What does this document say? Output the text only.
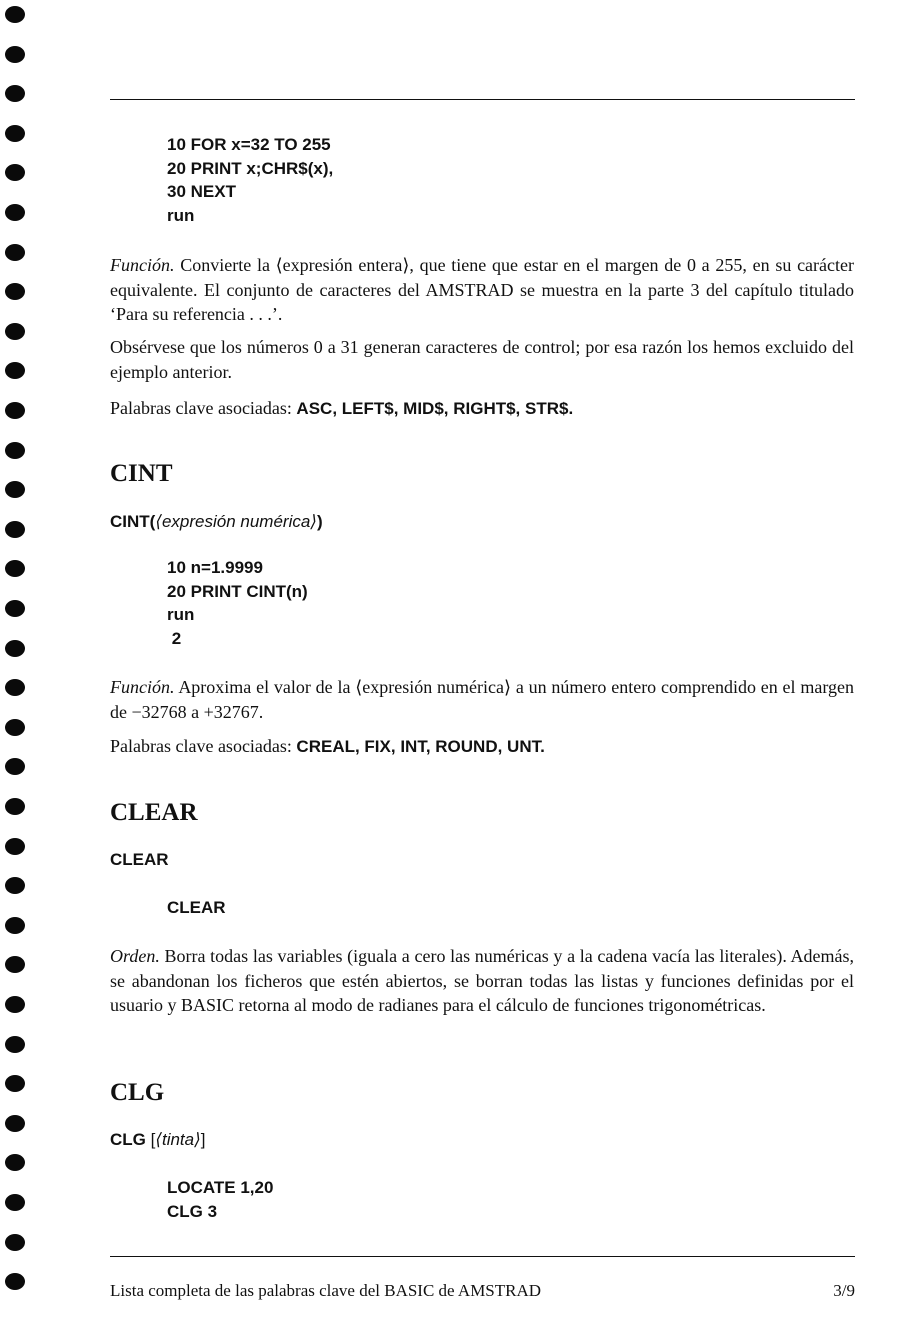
10 FOR x=32 TO 255
20 PRINT x;CHR$(x),
30 NEXT
run

Función. Convierte la ⟨expresión entera⟩, que tiene que estar en el margen de 0 a 255, en su carácter equivalente. El conjunto de caracteres del AMSTRAD se muestra en la parte 3 del capítulo titulado ‘Para su referencia . . .’.

Obsérvese que los números 0 a 31 generan caracteres de control; por esa razón los hemos excluido del ejemplo anterior.

Palabras clave asociadas: ASC, LEFT$, MID$, RIGHT$, STR$.

CINT
CINT(⟨expresión numérica⟩)
10 n=1.9999
20 PRINT CINT(n)
run
2

Función. Aproxima el valor de la ⟨expresión numérica⟩ a un número entero comprendido en el margen de −32768 a +32767.

Palabras clave asociadas: CREAL, FIX, INT, ROUND, UNT.

CLEAR
CLEAR
CLEAR

Orden. Borra todas las variables (iguala a cero las numéricas y a la cadena vacía las literales). Además, se abandonan los ficheros que estén abiertos, se borran todas las listas y funciones definidas por el usuario y BASIC retorna al modo de radianes para el cálculo de funciones trigonométricas.

CLG
CLG [⟨tinta⟩]
LOCATE 1,20
CLG 3
Lista completa de las palabras clave del BASIC de AMSTRAD	3/9
